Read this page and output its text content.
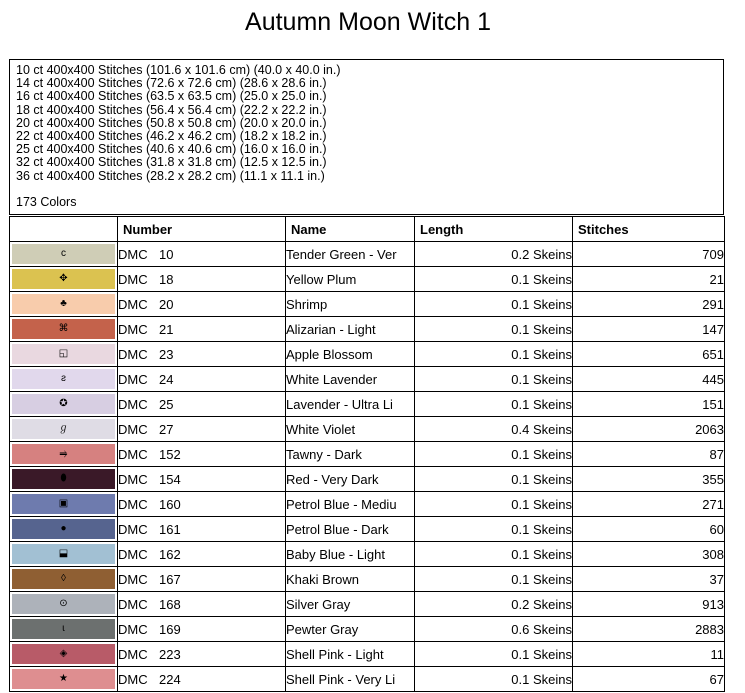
Autumn Moon Witch 1
10 ct 400x400 Stitches (101.6 x 101.6 cm) (40.0 x 40.0 in.)
14 ct 400x400 Stitches (72.6 x 72.6 cm) (28.6 x 28.6 in.)
16 ct 400x400 Stitches (63.5 x 63.5 cm) (25.0 x 25.0 in.)
18 ct 400x400 Stitches (56.4 x 56.4 cm) (22.2 x 22.2 in.)
20 ct 400x400 Stitches (50.8 x 50.8 cm) (20.0 x 20.0 in.)
22 ct 400x400 Stitches (46.2 x 46.2 cm) (18.2 x 18.2 in.)
25 ct 400x400 Stitches (40.6 x 40.6 cm) (16.0 x 16.0 in.)
32 ct 400x400 Stitches (31.8 x 31.8 cm) (12.5 x 12.5 in.)
36 ct 400x400 Stitches (28.2 x 28.2 cm) (11.1 x 11.1 in.)
173 Colors
	Number	Name	Length	Stitches

c	DMC 10	Tender Green - Ver	0.2 Skeins	709

✥	DMC 18	Yellow Plum	0.1 Skeins	21

♣	DMC 20	Shrimp	0.1 Skeins	291

⌘	DMC 21	Alizarian - Light	0.1 Skeins	147

◱	DMC 23	Apple Blossom	0.1 Skeins	651

ƨ	DMC 24	White Lavender	0.1 Skeins	445

✪	DMC 25	Lavender - Ultra Li	0.1 Skeins	151

ℊ	DMC 27	White Violet	0.4 Skeins	2063

⥤	DMC 152	Tawny - Dark	0.1 Skeins	87

⬮	DMC 154	Red - Very Dark	0.1 Skeins	355

▣	DMC 160	Petrol Blue - Mediu	0.1 Skeins	271

●	DMC 161	Petrol Blue - Dark	0.1 Skeins	60

⬓	DMC 162	Baby Blue - Light	0.1 Skeins	308

◊	DMC 167	Khaki Brown	0.1 Skeins	37

⊙	DMC 168	Silver Gray	0.2 Skeins	913

ɩ	DMC 169	Pewter Gray	0.6 Skeins	2883

◈	DMC 223	Shell Pink - Light	0.1 Skeins	11

★	DMC 224	Shell Pink - Very Li	0.1 Skeins	67
